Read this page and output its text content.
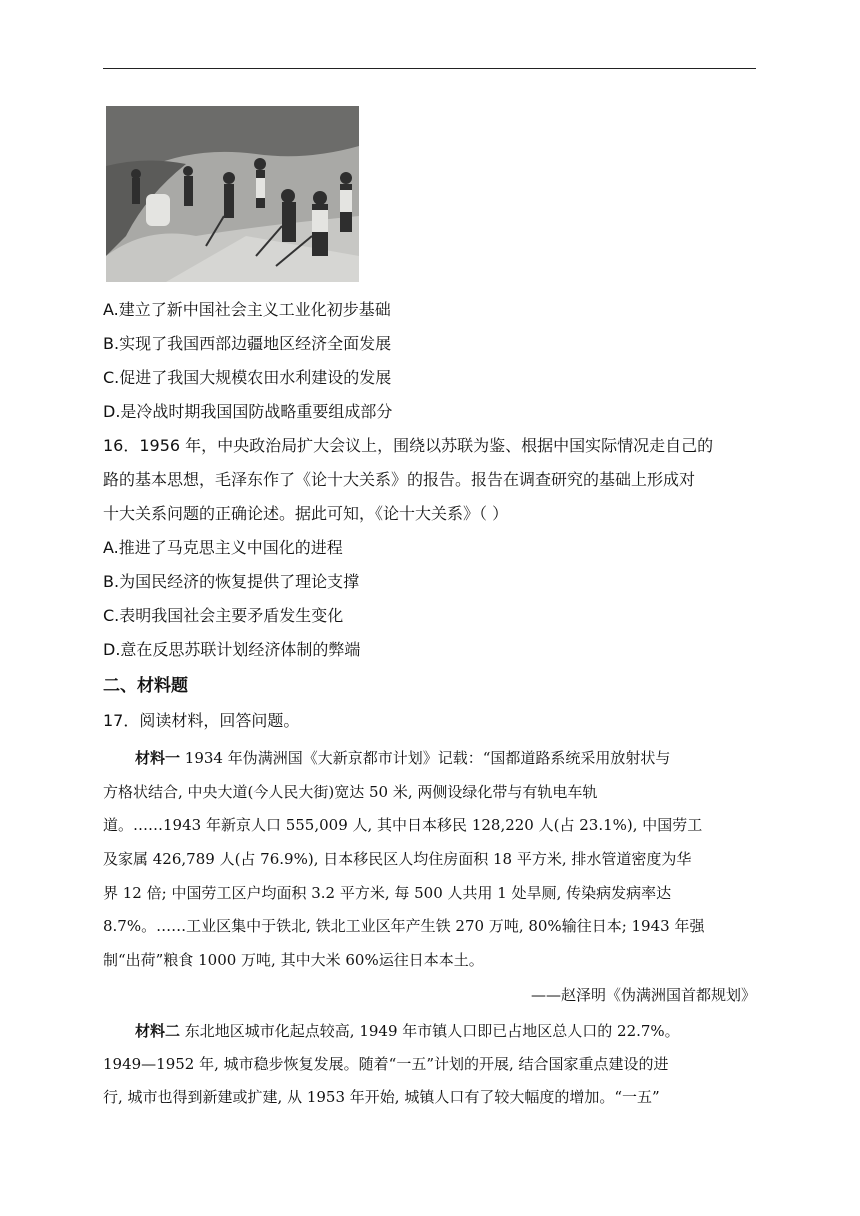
A.建立了新中国社会主义工业化初步基础
B.实现了我国西部边疆地区经济全面发展
C.促进了我国大规模农田水利建设的发展
D.是冷战时期我国国防战略重要组成部分
16．1956 年，中央政治局扩大会议上，围绕以苏联为鉴、根据中国实际情况走自己的
路的基本思想，毛泽东作了《论十大关系》的报告。报告在调查研究的基础上形成对
十大关系问题的正确论述。据此可知，《论十大关系》（ ）
A.推进了马克思主义中国化的进程
B.为国民经济的恢复提供了理论支撑
C.表明我国社会主要矛盾发生变化
D.意在反思苏联计划经济体制的弊端
二、材料题
17．阅读材料，回答问题。
材料一 1934 年伪满洲国《大新京都市计划》记载：“国都道路系统采用放射状与
方格状结合, 中央大道(今人民大街)宽达 50 米, 两侧设绿化带与有轨电车轨
道。……1943 年新京人口 555,009 人, 其中日本移民 128,220 人(占 23.1%), 中国劳工
及家属 426,789 人(占 76.9%), 日本移民区人均住房面积 18 平方米, 排水管道密度为华
界 12 倍; 中国劳工区户均面积 3.2 平方米, 每 500 人共用 1 处旱厕, 传染病发病率达
8.7%。……工业区集中于铁北, 铁北工业区年产生铁 270 万吨, 80%输往日本; 1943 年强
制“出荷”粮食 1000 万吨, 其中大米 60%运往日本本土。
——赵泽明《伪满洲国首都规划》
材料二 东北地区城市化起点较高, 1949 年市镇人口即已占地区总人口的 22.7%。
1949—1952 年, 城市稳步恢复发展。随着“一五”计划的开展, 结合国家重点建设的进
行, 城市也得到新建或扩建, 从 1953 年开始, 城镇人口有了较大幅度的增加。“一五”
